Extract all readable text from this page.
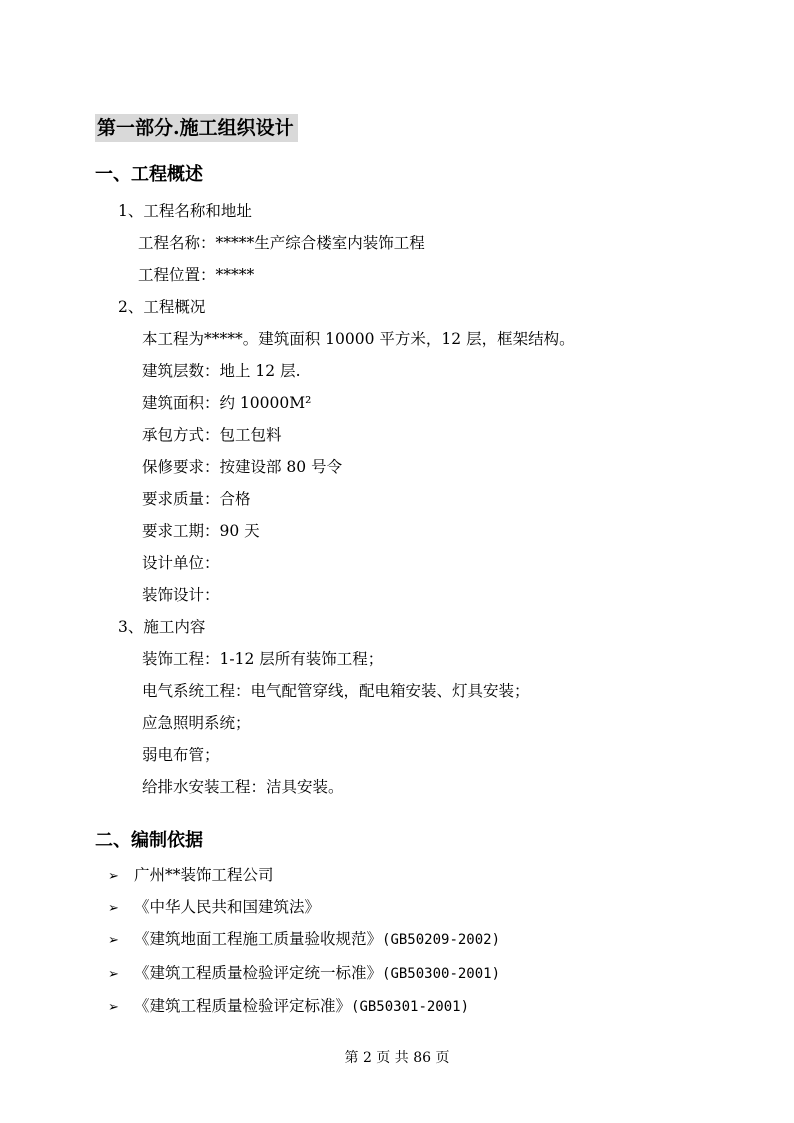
第一部分.施工组织设计
一、工程概述
1、工程名称和地址
工程名称：*****生产综合楼室内装饰工程
工程位置：*****
2、工程概况
本工程为*****。建筑面积 10000 平方米，12 层，框架结构。
建筑层数：地上 12 层.
建筑面积：约 10000M²
承包方式：包工包料
保修要求：按建设部 80 号令
要求质量：合格
要求工期：90 天
设计单位：
装饰设计：
3、施工内容
装饰工程：1-12 层所有装饰工程；
电气系统工程：电气配管穿线，配电箱安装、灯具安装；
应急照明系统；
弱电布管；
给排水安装工程：洁具安装。
二、编制依据
➢ 广州**装饰工程公司
➢ 《中华人民共和国建筑法》
➢ 《建筑地面工程施工质量验收规范》(GB50209-2002)
➢ 《建筑工程质量检验评定统一标准》(GB50300-2001)
➢ 《建筑工程质量检验评定标准》(GB50301-2001)
第 2 页 共 86 页
